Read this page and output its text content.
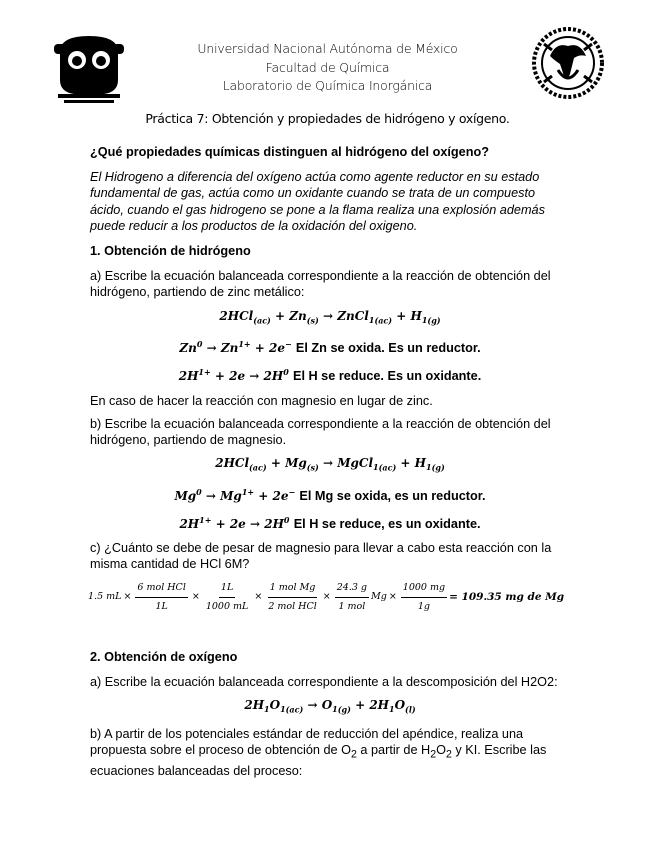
Universidad Nacional Autónoma de México
Facultad de Química
Laboratorio de Química Inorgánica
Práctica 7: Obtención y propiedades de hidrógeno y oxígeno.

¿Qué propiedades químicas distinguen al hidrógeno del oxígeno?

El Hidrogeno a diferencia del oxígeno actúa como agente reductor en su estado fundamental de gas, actúa como un oxidante cuando se trata de un compuesto ácido, cuando el gas hidrogeno se pone a la flama realiza una explosión además puede reducir a los productos de la oxidación del oxigeno.

1. Obtención de hidrógeno

a) Escribe la ecuación balanceada correspondiente a la reacción de obtención del hidrógeno, partiendo de zinc metálico:

$2HCl_{(ac)} + Zn_{(s)}$ → ZnCl$_{1(ac)}$ + $H_{1(g)}$
$Zn^0 \to Zn^{1+} + 2e^-$ El Zn se oxida. Es un reductor.
$2H^{1+} + 2e \to 2H^0$ El H se reduce. Es un oxidante.

En caso de hacer la reacción con magnesio en lugar de zinc.

b) Escribe la ecuación balanceada correspondiente a la reacción de obtención del hidrógeno, partiendo de magnesio.

$2HCl_{(ac)} + Mg_{(s)}$ → MgCl$_{1(ac)}$ + $H_{1(g)}$
$Mg^0 \to Mg^{1+} + 2e^-$ El Mg se oxida, es un reductor.
$2H^{1+} + 2e \to 2H^0$ El H se reduce, es un oxidante.

c) ¿Cuánto se debe de pesar de magnesio para llevar a cabo esta reacción con la misma cantidad de HCl 6M?

1.5 mL × $\frac{\text{6 mol HCl}}{1L} \times \frac{1L}{1000 mL} \times \frac{\text{1 mol Mg}}{\text{2 mol HCl}} \times \frac{24.3 g}{\text{1 mol}}$ $Mg \times \frac{1000 mg}{1g} = 109.35$ mg de Mg

2. Obtención de oxígeno

a) Escribe la ecuación balanceada correspondiente a la descomposición del H2O2:

$2H_1O_{1(ac)} \to O_{1(g)} + 2H_1O_{(l)}$

b) A partir de los potenciales estándar de reducción del apéndice, realiza una propuesta sobre el proceso de obtención de $O_2$ a partir de $H_2O_2$ y KI. Escribe las ecuaciones balanceadas del proceso:
